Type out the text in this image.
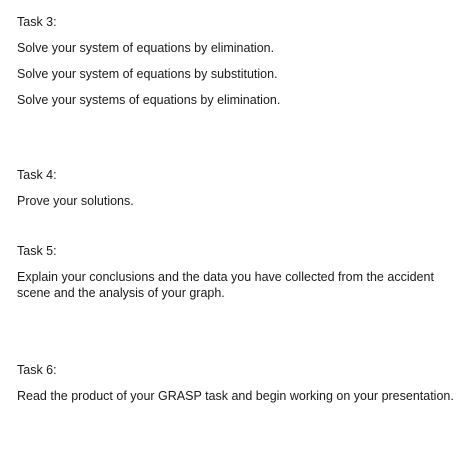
Task 3:
Solve your system of equations by elimination.
Solve your system of equations by substitution.
Solve your systems of equations by elimination.
Task 4:
Prove your solutions.
Task 5:
Explain your conclusions and the data you have collected from the accident scene and the analysis of your graph.
Task 6:
Read the product of your GRASP task and begin working on your presentation.
